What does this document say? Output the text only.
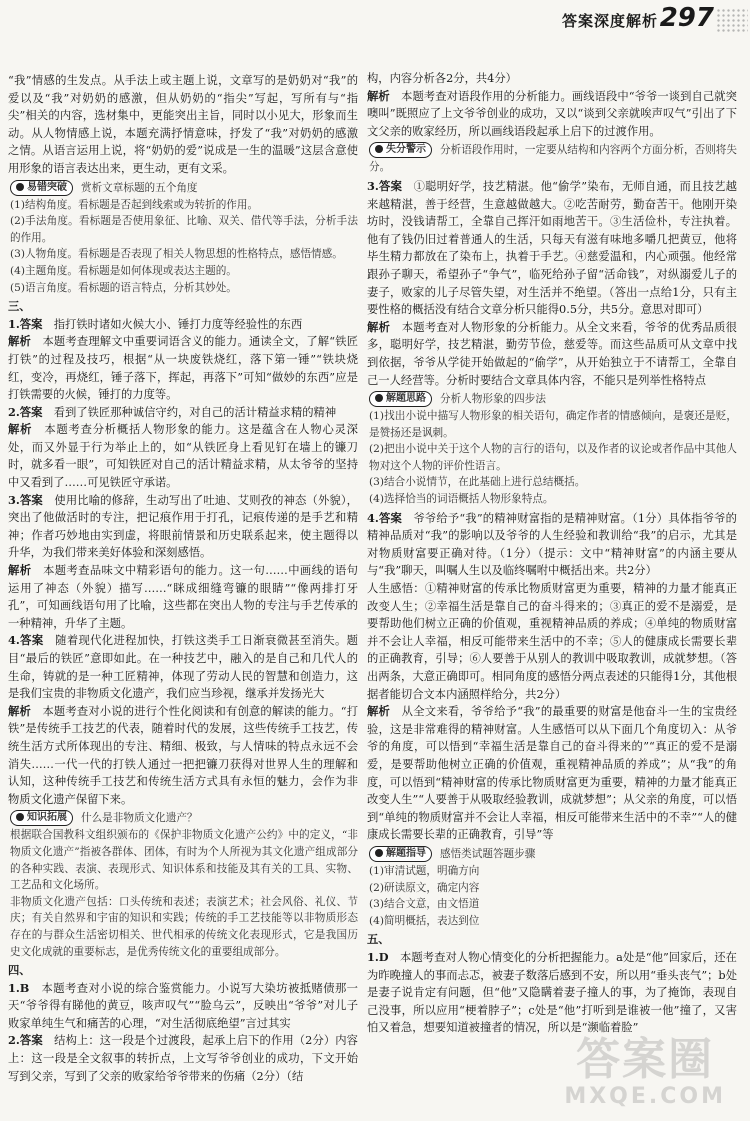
答案深度解析 297

“我”情感的生发点。从手法上或主题上说，文章写的是奶奶对“我”的爱以及“我”对奶奶的感激，但从奶奶的“指尖”写起，写所有与“指尖”相关的内容，选材集中，更能突出主旨，同时以小见大，形象而生动。从人物情感上说，本题充满抒情意味，抒发了“我”对奶奶的感激之情。从语言运用上说，将“奶奶的爱”说成是一生的温暖”这层含意使用形象的语言表达出来，更生动，更有文采。

易错突破 赏析文章标题的五个角度

(1)结构角度。看标题是否起到线索或为转折的作用。

(2)手法角度。看标题是否使用象征、比喻、双关、借代等手法，分析手法的作用。

(3)人物角度。看标题是否表现了相关人物思想的性格特点，感悟情感。

(4)主题角度。看标题是如何体现或表达主题的。

(5)语言角度。看标题的语言特点，分析其妙处。

三、

1.答案　 指打铁时诸如火候大小、锤打力度等经验性的东西

解析　 本题考查理解文中重要词语含义的能力。通读全文，了解“铁匠打铁”的过程及技巧，根据“从一块废铁烧红，落下第一锤”“铁块烧红，变冷，再烧红，锤子落下，挥起，再落下”可知“做妙的东西”应是打铁需要的火候，锤打的力度等。

2.答案　 看到了铁匠那种诚信守约，对自己的活计精益求精的精神

解析　 本题考查分析概括人物形象的能力。这是蕴含在人物心灵深处，而又外显于行为举止上的，如“从铁匠身上看见钉在墙上的镰刀时，就多看一眼”，可知铁匠对自己的活计精益求精，从太爷爷的坚持中又看到了……可见铁匠守承诺。

3.答案　 使用比喻的修辞，生动写出了吐迪、艾则孜的神态（外貌），突出了他做活时的专注，把记痕作用于打孔，记痕传递的是手艺和精神；作者巧妙地由实到虚，将眼前情景和历史联系起来，使主题得以升华，为我们带来美好体验和深刻感悟。

解析　 本题考查品味文中精彩语句的能力。这一句……中画线的语句运用了神态（外貌）描写……“眯成细缝弯镰的眼睛”“像两排打牙孔”，可知画线语句用了比喻，这些都在突出人物的专注与手艺传承的一种精神，升华了主题。

4.答案　 随着现代化进程加快，打铁这类手工日渐衰微甚至消失。题目“最后的铁匠”意即如此。在一种技艺中，融入的是自己和几代人的生命，铸就的是一种工匠精神，体现了劳动人民的智慧和创造力，这是我们宝贵的非物质文化遗产，我们应当珍视，继承并发扬光大

解析　 本题考查对小说的进行个性化阅读和有创意的解读的能力。“打铁”是传统手工技艺的代表，随着时代的发展，这些传统手工技艺，传统生活方式所体现出的专注、精细、极致，与人情味的特点永远不会消失……一代一代的打铁人通过一把把镰刀获得对世界人生的理解和认知，这种传统手工技艺和传统生活方式具有永恒的魅力，会作为非物质文化遗产保留下来。

知识拓展 什么是非物质文化遗产？

根据联合国教科文组织颁布的《保护非物质文化遗产公约》中的定义，“非物质文化遗产”指被各群体、团体，有时为个人所视为其文化遗产组成部分的各种实践、表演、表现形式、知识体系和技能及其有关的工具、实物、工艺品和文化场所。

非物质文化遗产包括：口头传统和表述；表演艺术；社会风俗、礼仪、节庆；有关自然界和宇宙的知识和实践；传统的手工艺技能等以非物质形态存在的与群众生活密切相关、世代相承的传统文化表现形式，它是我国历史文化成就的重要标志，是优秀传统文化的重要组成部分。

四、

1.B　 本题考查对小说的综合鉴赏能力。小说写大染坊被抵赌债那一天“爷爷得有睇他的黄豆，咳声叹气”“脸乌云”，反映出“爷爷”对儿子败家单纯生气和痛苦的心理，“对生活彻底绝望”言过其实

2.答案　 结构上：这一段是个过渡段，起承上启下的作用（2分）内容上：这一段是全文叙事的转折点，上文写爷爷创业的成功，下文开始写到父亲，写到了父亲的败家给爷爷带来的伤痛（2分）（结

构，内容分析各2分，共4分）

解析　 本题考查对语段作用的分析能力。画线语段中“爷爷一谈到自己就突噢叫”既照应了上文爷爷创业的成功，又以“谈到父亲就唉声叹气”引出了下文父亲的败家经历，所以画线语段起承上启下的过渡作用。

失分警示 分析语段作用时，一定要从结构和内容两个方面分析，否则将失分。

3.答案　 ①聪明好学，技艺精湛。他“偷学”染布，无师自通，而且技艺越来越精湛，善于经营，生意越做越大。②吃苦耐劳，勤奋苦干。他刚开染坊时，没钱请帮工，全靠自己挥汗如雨地苦干。③生活俭朴，专注执着。他有了钱仍旧过着普通人的生活，只每天有滋有味地多嚼几把黄豆，他将毕生精力都放在了染布上，执着于手艺。④慈爱温和，内心顽强。他经常跟孙子聊天，希望孙子“争气”，临死给孙子留“活命钱”，对纵溺爱儿子的妻子，败家的儿子尽管失望，对生活并不绝望。（答出一点给1分，只有主要性格的概括没有结合文章分析只能得0.5分，共5分。意思对即可）

解析　 本题考查对人物形象的分析能力。从全文来看，爷爷的优秀品质很多，聪明好学，技艺精湛，勤劳节俭，慈爱等。而这些品质可从文章中找到依据，爷爷从学徒开始做起的“偷学”，从开始独立于不请帮工，全靠自己一人经营等。分析时要结合文章具体内容，不能只是列举性格特点

解题思路 分析人物形象的四步法

(1)找出小说中描写人物形象的相关语句，确定作者的情感倾向，是褒还是贬，是赞扬还是讽刺。

(2)把出小说中关于这个人物的言行的语句，以及作者的议论或者作品中其他人物对这个人物的评价性语言。

(3)结合小说情节，在此基础上进行总结概括。

(4)选择恰当的词语概括人物形象特点。

4.答案　 爷爷给予“我”的精神财富指的是精神财富。（1分）具体指爷爷的精神品质对“我”的影响以及爷爷的人生经验和教训给“我”的启示，尤其是对物质财富要正确对待。（1分）（提示：文中“精神财富”的内涵主要从与“我”聊天，叫嘱人生以及临终嘱咐中概括出来。共2分）

人生感悟：①精神财富的传承比物质财富更为重要，精神的力量才能真正改变人生；②幸福生活是靠自己的奋斗得来的；③真正的爱不是溺爱，是要帮助他们树立正确的价值观，重视精神品质的养成；④单纯的物质财富并不会让人幸福，相反可能带来生活中的不幸；⑤人的健康成长需要长辈的正确教育，引导；⑥人要善于从别人的教训中吸取教训，成就梦想。（答出两条，大意正确即可。相同角度的感悟分两点表述的只能得1分，其他根据者能切合文本内涵照样给分，共2分）

解析　 从全文来看，爷爷给予“我”的最重要的财富是他奋斗一生的宝贵经验，这是非常难得的精神财富。人生感悟可以从下面几个角度切入：从爷爷的角度，可以悟到“幸福生活是靠自己的奋斗得来的”“真正的爱不是溺爱，是要帮助他树立正确的价值观，重视精神品质的养成”；从“我”的角度，可以悟到“精神财富的传承比物质财富更为重要，精神的力量才能真正改变人生”“人要善于从吸取经验教训，成就梦想”；从父亲的角度，可以悟到“单纯的物质财富并不会让人幸福，相反可能带来生活中的不幸”“人的健康成长需要长辈的正确教育，引导”等

解题指导 感悟类试题答题步骤

(1)审清试题，明确方向

(2)研读原文，确定内容

(3)结合文意，由文悟道

(4)简明概括，表达到位

五、

1.D　 本题考查对人物心情变化的分析把握能力。a处是“他”回家后，还在为昨晚撞人的事而忐忑，被妻子数落后感到不安，所以用“垂头丧气”；b处是妻子说肯定有问题，但“他”又隐瞒着妻子撞人的事，为了掩饰，表现自己没事，所以应用“梗着脖子”；c处是“他”打听到是谁被一他”撞了，又害怕又着急，想要知道被撞者的情况，所以是“濒临着脸”

答案圈
MXQE.COM
